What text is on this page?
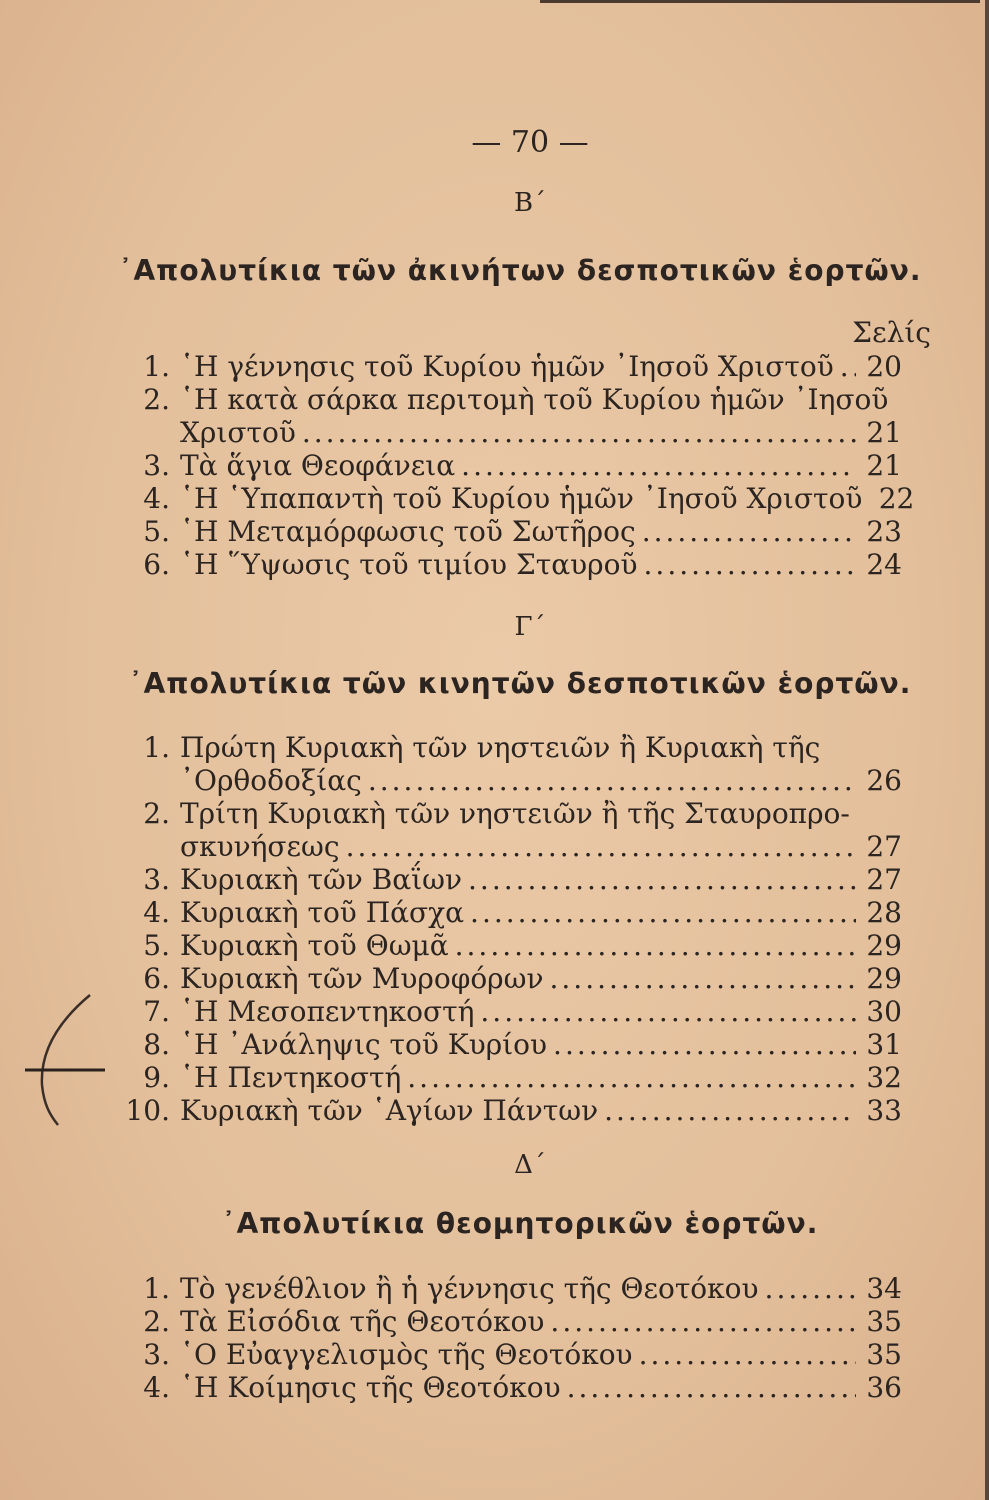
— 70 —
Β΄
᾿Απολυτίκια τῶν ἀκινήτων δεσποτικῶν ἑορτῶν.
Σελίς
1. ῾Η γέννησις τοῦ Κυρίου ἡμῶν ᾿Ιησοῦ Χριστοῦ ..... 20
2. ῾Η κατὰ σάρκα περιτομὴ τοῦ Κυρίου ἡμῶν ᾿Ιησοῦ
Χριστοῦ .....	21
3. Τὰ ἅγια Θεοφάνεια .....	21
4. ῾Η ῾Υπαπαντὴ τοῦ Κυρίου ἡμῶν ᾿Ιησοῦ Χριστοῦ 22
5. ῾Η Μεταμόρφωσις τοῦ Σωτῆρος .....	23
6. ῾Η ῞Υψωσις τοῦ τιμίου Σταυροῦ .....	24
Γ΄
᾿Απολυτίκια τῶν κινητῶν δεσποτικῶν ἑορτῶν.
1. Πρώτη Κυριακὴ τῶν νηστειῶν ἢ Κυριακὴ τῆς
᾿Ορθοδοξίας .....	26
2. Τρίτη Κυριακὴ τῶν νηστειῶν ἢ τῆς Σταυροπρο-
σκυνήσεως .....	27
3. Κυριακὴ τῶν Βαΐων .....	27
4. Κυριακὴ τοῦ Πάσχα .....	28
5. Κυριακὴ τοῦ Θωμᾶ .....	29
6. Κυριακὴ τῶν Μυροφόρων .....	29
7. ῾Η Μεσοπεντηκοστή .....	30
8. ῾Η ᾿Ανάληψις τοῦ Κυρίου .....	31
9. ῾Η Πεντηκοστή .....	32
10. Κυριακὴ τῶν ῾Αγίων Πάντων .....	33
Δ΄
᾿Απολυτίκια θεομητορικῶν ἑορτῶν.
1. Τὸ γενέθλιον ἢ ἡ γέννησις τῆς Θεοτόκου .....	34
2. Τὰ Εἰσόδια τῆς Θεοτόκου .....	35
3. ῾Ο Εὐαγγελισμὸς τῆς Θεοτόκου .....	35
4. ῾Η Κοίμησις τῆς Θεοτόκου .....	36
